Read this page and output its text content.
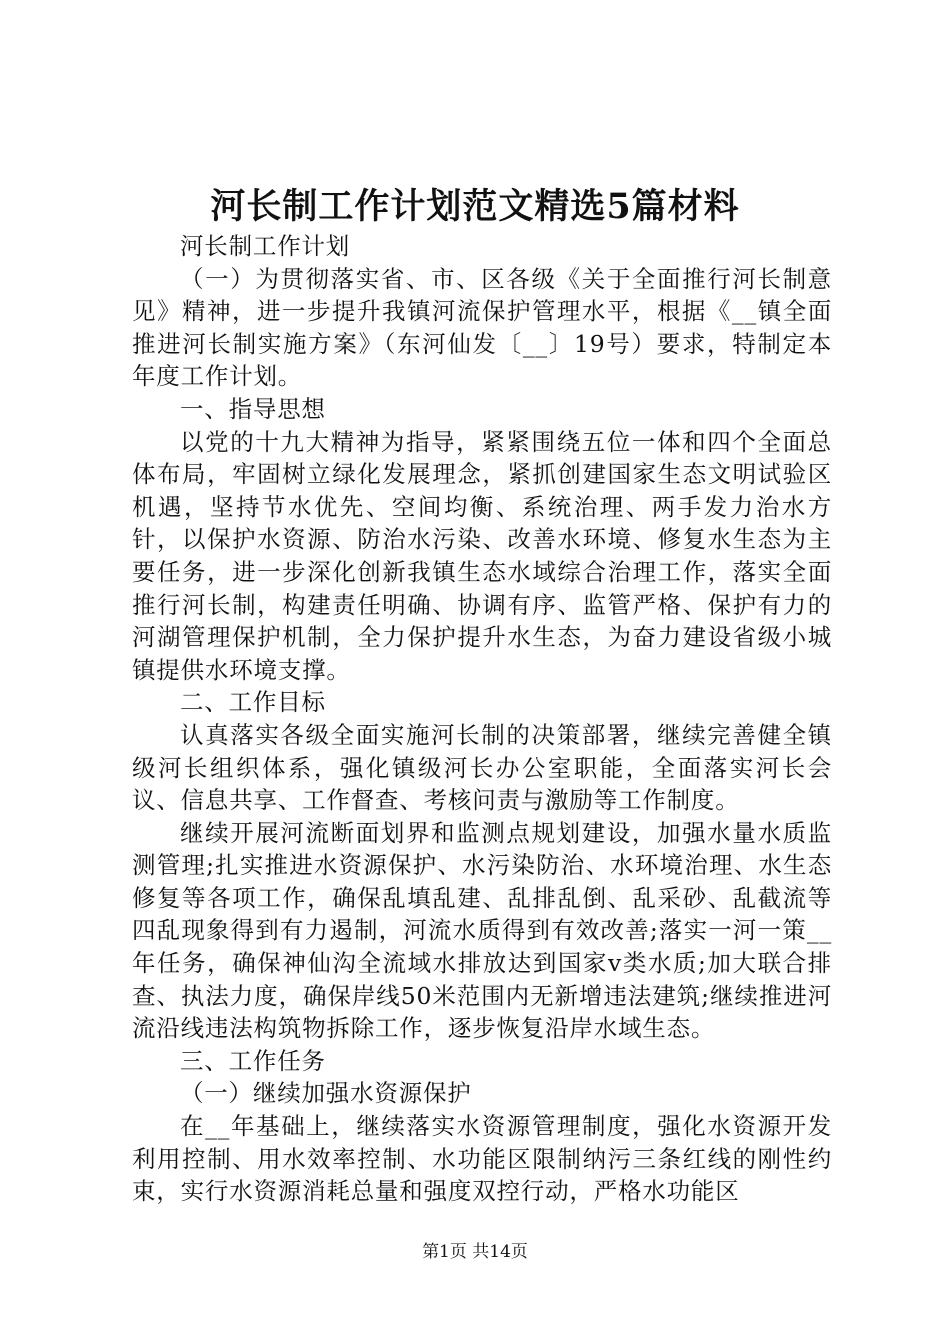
河长制工作计划范文精选5篇材料

河长制工作计划

（一）为贯彻落实省、市、区各级《关于全面推行河长制意见》精神，进一步提升我镇河流保护管理水平，根据《__镇全面推进河长制实施方案》（东河仙发〔__〕19号）要求，特制定本年度工作计划。

一、指导思想

以党的十九大精神为指导，紧紧围绕五位一体和四个全面总体布局，牢固树立绿化发展理念，紧抓创建国家生态文明试验区机遇，坚持节水优先、空间均衡、系统治理、两手发力治水方针，以保护水资源、防治水污染、改善水环境、修复水生态为主要任务，进一步深化创新我镇生态水域综合治理工作，落实全面推行河长制，构建责任明确、协调有序、监管严格、保护有力的河湖管理保护机制，全力保护提升水生态，为奋力建设省级小城镇提供水环境支撑。

二、工作目标

认真落实各级全面实施河长制的决策部署，继续完善健全镇级河长组织体系，强化镇级河长办公室职能，全面落实河长会议、信息共享、工作督查、考核问责与激励等工作制度。

继续开展河流断面划界和监测点规划建设，加强水量水质监测管理;扎实推进水资源保护、水污染防治、水环境治理、水生态修复等各项工作，确保乱填乱建、乱排乱倒、乱采砂、乱截流等四乱现象得到有力遏制，河流水质得到有效改善;落实一河一策__年任务，确保神仙沟全流域水排放达到国家v类水质;加大联合排查、执法力度，确保岸线50米范围内无新增违法建筑;继续推进河流沿线违法构筑物拆除工作，逐步恢复沿岸水域生态。

三、工作任务

（一）继续加强水资源保护

在__年基础上，继续落实水资源管理制度，强化水资源开发利用控制、用水效率控制、水功能区限制纳污三条红线的刚性约束，实行水资源消耗总量和强度双控行动，严格水功能区

第1页 共14页
